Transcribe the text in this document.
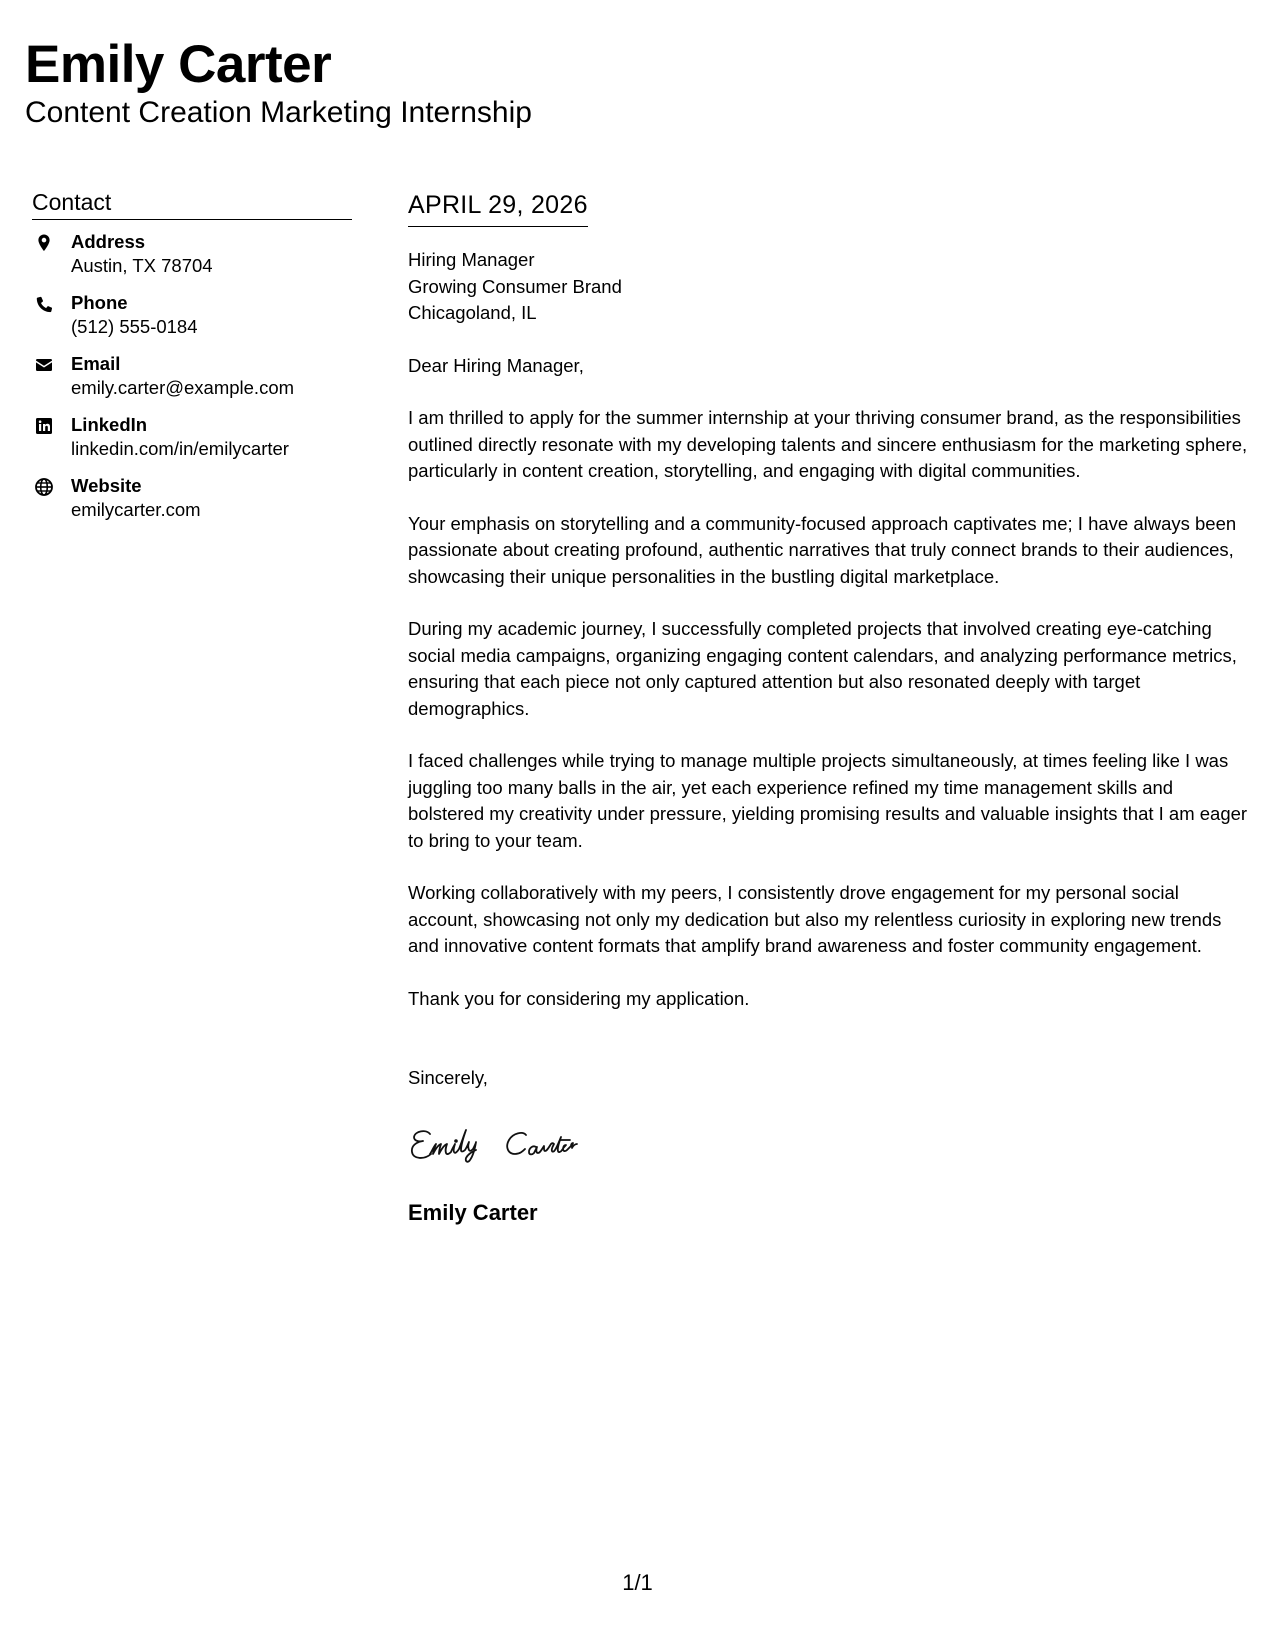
Emily Carter
Content Creation Marketing Internship
Contact
Address
Austin, TX 78704
Phone
(512) 555-0184
Email
emily.carter@example.com
LinkedIn
linkedin.com/in/emilycarter
Website
emilycarter.com
APRIL 29, 2026
Hiring Manager
Growing Consumer Brand
Chicagoland, IL
Dear Hiring Manager,
I am thrilled to apply for the summer internship at your thriving consumer brand, as the responsibilities outlined directly resonate with my developing talents and sincere enthusiasm for the marketing sphere, particularly in content creation, storytelling, and engaging with digital communities.
Your emphasis on storytelling and a community-focused approach captivates me; I have always been passionate about creating profound, authentic narratives that truly connect brands to their audiences, showcasing their unique personalities in the bustling digital marketplace.
During my academic journey, I successfully completed projects that involved creating eye-catching social media campaigns, organizing engaging content calendars, and analyzing performance metrics, ensuring that each piece not only captured attention but also resonated deeply with target demographics.
I faced challenges while trying to manage multiple projects simultaneously, at times feeling like I was juggling too many balls in the air, yet each experience refined my time management skills and bolstered my creativity under pressure, yielding promising results and valuable insights that I am eager to bring to your team.
Working collaboratively with my peers, I consistently drove engagement for my personal social account, showcasing not only my dedication but also my relentless curiosity in exploring new trends and innovative content formats that amplify brand awareness and foster community engagement.
Thank you for considering my application.
Sincerely,
Emily Carter
1/1
